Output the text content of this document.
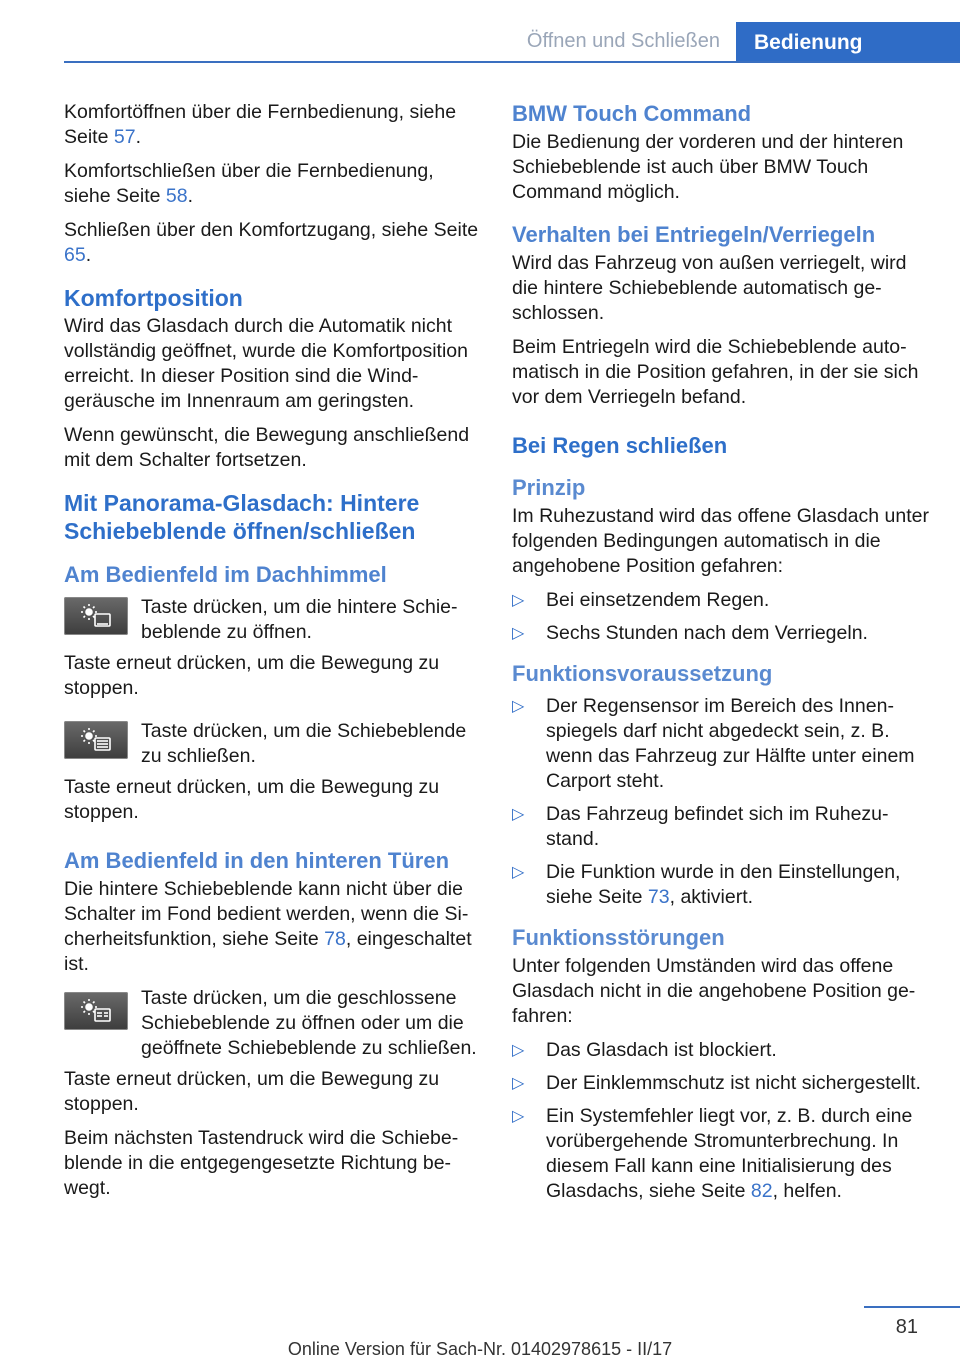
Öffnen und Schließen Bedienung

Komfortöffnen über die Fernbedienung, siehe Seite 57.

Komfortschließen über die Fernbedienung, siehe Seite 58.

Schließen über den Komfortzugang, siehe Seite 65.

Komfortposition

Wird das Glasdach durch die Automatik nicht vollständig geöffnet, wurde die Komfortposition erreicht. In dieser Position sind die Windgeräusche im Innenraum am geringsten.

Wenn gewünscht, die Bewegung anschließend mit dem Schalter fortsetzen.

Mit Panorama-Glasdach: Hintere Schiebeblende öffnen/schließen
Am Bedienfeld im Dachhimmel

Taste drücken, um die hintere Schiebeblende zu öffnen.

Taste erneut drücken, um die Bewegung zu stoppen.

Taste drücken, um die Schiebeblende zu schließen.

Taste erneut drücken, um die Bewegung zu stoppen.

Am Bedienfeld in den hinteren Türen

Die hintere Schiebeblende kann nicht über die Schalter im Fond bedient werden, wenn die Sicherheitsfunktion, siehe Seite 78, eingeschaltet ist.

Taste drücken, um die geschlossene Schiebeblende zu öffnen oder um die geöffnete Schiebeblende zu schließen.

Taste erneut drücken, um die Bewegung zu stoppen.

Beim nächsten Tastendruck wird die Schiebeblende in die entgegengesetzte Richtung bewegt.

BMW Touch Command

Die Bedienung der vorderen und der hinteren Schiebeblende ist auch über BMW Touch Command möglich.

Verhalten bei Entriegeln/Verriegeln

Wird das Fahrzeug von außen verriegelt, wird die hintere Schiebeblende automatisch geschlossen.

Beim Entriegeln wird die Schiebeblende automatisch in die Position gefahren, in der sie sich vor dem Verriegeln befand.

Bei Regen schließen
Prinzip

Im Ruhezustand wird das offene Glasdach unter folgenden Bedingungen automatisch in die angehobene Position gefahren:

▷ Bei einsetzendem Regen.
▷ Sechs Stunden nach dem Verriegeln.
Funktionsvoraussetzung
▷ Der Regensensor im Bereich des Innenspiegels darf nicht abgedeckt sein, z. B. wenn das Fahrzeug zur Hälfte unter einem Carport steht.
▷ Das Fahrzeug befindet sich im Ruhezustand.
▷ Die Funktion wurde in den Einstellungen, siehe Seite 73, aktiviert.
Funktionsstörungen

Unter folgenden Umständen wird das offene Glasdach nicht in die angehobene Position gefahren:

▷ Das Glasdach ist blockiert.
▷ Der Einklemmschutz ist nicht sichergestellt.
▷ Ein Systemfehler liegt vor, z. B. durch eine vorübergehende Stromunterbrechung. In diesem Fall kann eine Initialisierung des Glasdachs, siehe Seite 82, helfen.
81
Online Version für Sach-Nr. 01402978615 - II/17
